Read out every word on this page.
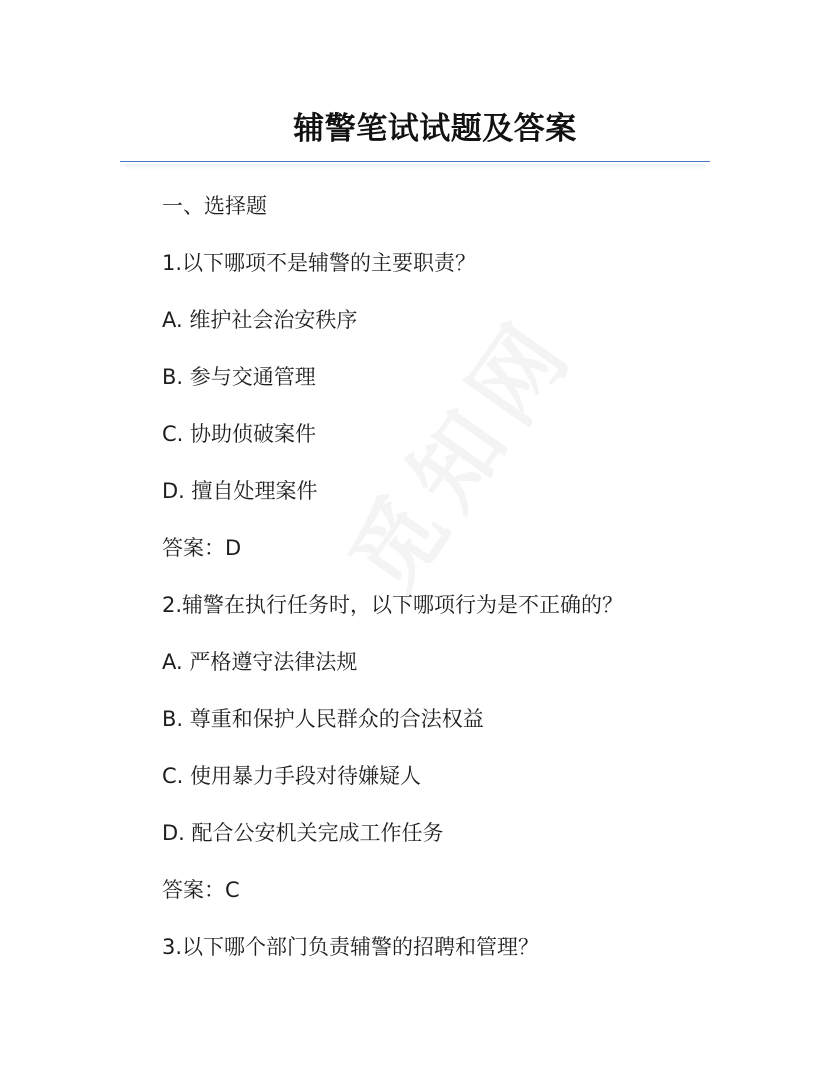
辅警笔试试题及答案
一、选择题
1.以下哪项不是辅警的主要职责？
A. 维护社会治安秩序
B. 参与交通管理
C. 协助侦破案件
D. 擅自处理案件
答案：D
2.辅警在执行任务时，以下哪项行为是不正确的？
A. 严格遵守法律法规
B. 尊重和保护人民群众的合法权益
C. 使用暴力手段对待嫌疑人
D. 配合公安机关完成工作任务
答案：C
3.以下哪个部门负责辅警的招聘和管理？
